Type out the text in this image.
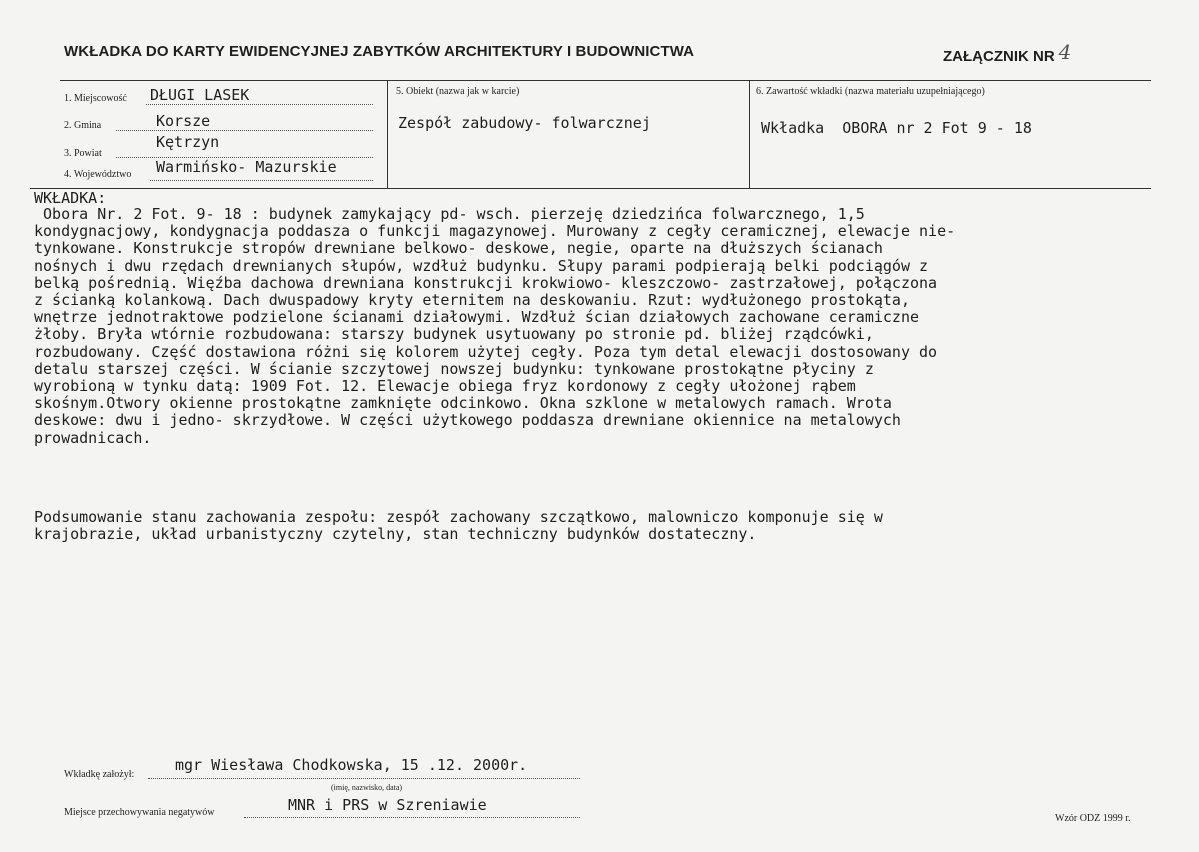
WKŁADKA DO KARTY EWIDENCYJNEJ ZABYTKÓW ARCHITEKTURY I BUDOWNICTWA	ZAŁĄCZNIK NR 4
1. Miejscowość DŁUGI LASEK
2. Gmina	Korsze
3. Powiat
Kętrzyn
4. Województwo Warmińsko- Mazurskie
5. Obiekt (nazwa jak w karcie)
Zespół zabudowy- folwarcznej
6. Zawartość wkładki (nazwa materiału uzupełniającego)
Wkładka  OBORA nr 2 Fot 9 - 18
WKŁADKA:
Obora Nr. 2 Fot. 9- 18 : budynek zamykający pd- wsch. pierzeję dziedzińca folwarcznego, 1,5
kondygnacjowy, kondygnacja poddasza o funkcji magazynowej. Murowany z cegły ceramicznej, elewacje nie-
tynkowane. Konstrukcje stropów drewniane belkowo- deskowe, negie, oparte na dłuższych ścianach
nośnych i dwu rzędach drewnianych słupów, wzdłuż budynku. Słupy parami podpierają belki podciągów z
belką pośrednią. Więźba dachowa drewniana konstrukcji krokwiowo- kleszczowo- zastrzałowej, połączona
z ścianką kolankową. Dach dwuspadowy kryty eternitem na deskowaniu. Rzut: wydłużonego prostokąta,
wnętrze jednotraktowe podzielone ścianami działowymi. Wzdłuż ścian działowych zachowane ceramiczne
żłoby. Bryła wtórnie rozbudowana: starszy budynek usytuowany po stronie pd. bliżej rządcówki,
rozbudowany. Część dostawiona różni się kolorem użytej cegły. Poza tym detal elewacji dostosowany do
detalu starszej części. W ścianie szczytowej nowszej budynku: tynkowane prostokątne płyciny z
wyrobioną w tynku datą: 1909 Fot. 12. Elewacje obiega fryz kordonowy z cegły ułożonej rąbem
skośnym.Otwory okienne prostokątne zamknięte odcinkowo. Okna szklone w metalowych ramach. Wrota
deskowe: dwu i jedno- skrzydłowe. W części użytkowego poddasza drewniane okiennice na metalowych
prowadnicach.
Podsumowanie stanu zachowania zespołu: zespół zachowany szczątkowo, malowniczo komponuje się w
krajobrazie, układ urbanistyczny czytelny, stan techniczny budynków dostateczny.
Wkładkę założył:
mgr Wiesława Chodkowska, 15 .12. 2000r.
(imię, nazwisko, data)
Miejsce przechowywania negatywów	MNR i PRS w Szreniawie
Wzór ODZ 1999 r.
